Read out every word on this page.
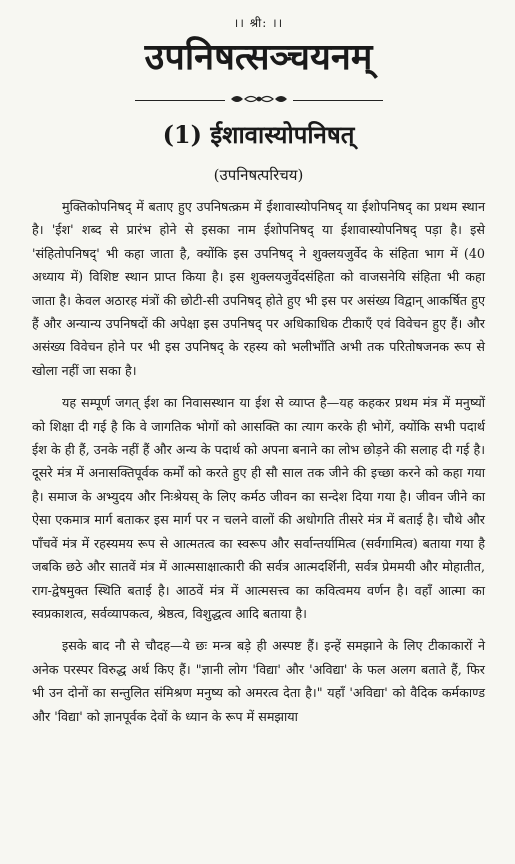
।। श्री: ।।
उपनिषत्सञ्चयनम्
(1) ईशावास्योपनिषत्
(उपनिषत्परिचय)

मुक्तिकोपनिषद् में बताए हुए उपनिषत्क्रम में ईशावास्योपनिषद् या ईशोपनिषद् का प्रथम स्थान है। 'ईश' शब्द से प्रारंभ होने से इसका नाम ईशोपनिषद् या ईशावास्योपनिषद् पड़ा है। इसे 'संहितोपनिषद्' भी कहा जाता है, क्योंकि इस उपनिषद् ने शुक्लयजुर्वेद के संहिता भाग में (40 अध्याय में) विशिष्ट स्थान प्राप्त किया है। इस शुक्लयजुर्वेदसंहिता को वाजसनेयि संहिता भी कहा जाता है। केवल अठारह मंत्रों की छोटी-सी उपनिषद् होते हुए भी इस पर असंख्य विद्वान् आकर्षित हुए हैं और अन्यान्य उपनिषदों की अपेक्षा इस उपनिषद् पर अधिकाधिक टीकाएँ एवं विवेचन हुए हैं। और असंख्य विवेचन होने पर भी इस उपनिषद् के रहस्य को भलीभाँति अभी तक परितोषजनक रूप से खोला नहीं जा सका है।

यह सम्पूर्ण जगत् ईश का निवासस्थान या ईश से व्याप्त है—यह कहकर प्रथम मंत्र में मनुष्यों को शिक्षा दी गई है कि वे जागतिक भोगों को आसक्ति का त्याग करके ही भोगें, क्योंकि सभी पदार्थ ईश के ही हैं, उनके नहीं हैं और अन्य के पदार्थ को अपना बनाने का लोभ छोड़ने की सलाह दी गई है। दूसरे मंत्र में अनासक्तिपूर्वक कर्मों को करते हुए ही सौ साल तक जीने की इच्छा करने को कहा गया है। समाज के अभ्युदय और निःश्रेयस् के लिए कर्मठ जीवन का सन्देश दिया गया है। जीवन जीने का ऐसा एकमात्र मार्ग बताकर इस मार्ग पर न चलने वालों की अधोगति तीसरे मंत्र में बताई है। चौथे और पाँचवें मंत्र में रहस्यमय रूप से आत्मतत्व का स्वरूप और सर्वान्तर्यामित्व (सर्वगामित्व) बताया गया है जबकि छठे और सातवें मंत्र में आत्मसाक्षात्कारी की सर्वत्र आत्मदर्शिनी, सर्वत्र प्रेममयी और मोहातीत, राग-द्वेषमुक्त स्थिति बताई है। आठवें मंत्र में आत्मसत्त्व का कवित्वमय वर्णन है। वहाँ आत्मा का स्वप्रकाशत्व, सर्वव्यापकत्व, श्रेष्ठत्व, विशुद्धत्व आदि बताया है।

इसके बाद नौ से चौदह—ये छः मन्त्र बड़े ही अस्पष्ट हैं। इन्हें समझाने के लिए टीकाकारों ने अनेक परस्पर विरुद्ध अर्थ किए हैं। "ज्ञानी लोग 'विद्या' और 'अविद्या' के फल अलग बताते हैं, फिर भी उन दोनों का सन्तुलित संमिश्रण मनुष्य को अमरत्व देता है।" यहाँ 'अविद्या' को वैदिक कर्मकाण्ड और 'विद्या' को ज्ञानपूर्वक देवों के ध्यान के रूप में समझाया
